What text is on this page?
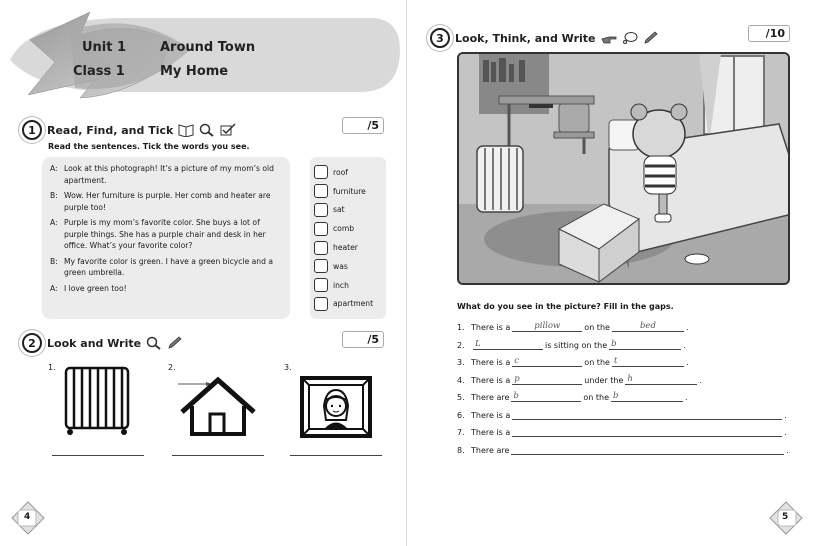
Unit 1
Class 1
Around Town
My Home
1	Read, Find, and Tick	/5
Read the sentences. Tick the words you see.
A: Look at this photograph! It’s a picture of my mom’s old apartment.
B: Wow. Her furniture is purple. Her comb and heater are purple too!
A: Purple is my mom’s favorite color. She buys a lot of purple things. She has a purple chair and desk in her office. What’s your favorite color?
B: My favorite color is green. I have a green bicycle and a green umbrella.
A: I love green too!
roof
furniture
sat
comb
heater
was
inch
apartment
2	Look and Write	/5
1.	2.	3.
4
3	Look, Think, and Write	/10
What do you see in the picture? Fill in the gaps.
1. There is a	pillow	on the	bed	.
2.	L	is sitting on the b	.
3. There is a c	on the t	.
4. There is a p	under the h	.
5. There are b	on the b	.
6. There is a	.
7. There is a	.
8. There are	.
5
